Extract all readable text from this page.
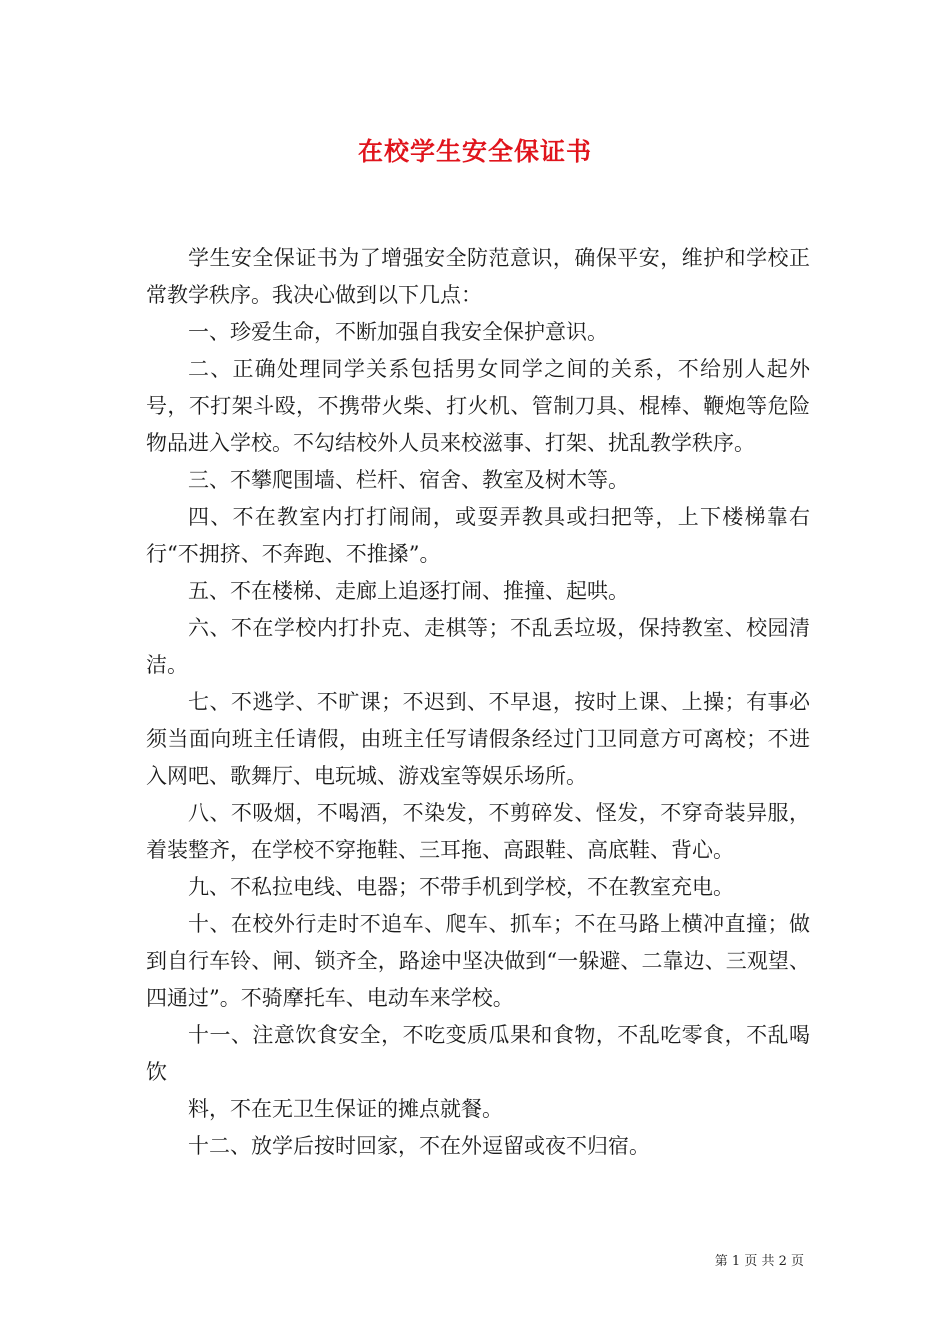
在校学生安全保证书

学生安全保证书为了增强安全防范意识，确保平安，维护和学校正常教学秩序。我决心做到以下几点：

一、珍爱生命，不断加强自我安全保护意识。

二、正确处理同学关系包括男女同学之间的关系，不给别人起外号，不打架斗殴，不携带火柴、打火机、管制刀具、棍棒、鞭炮等危险物品进入学校。不勾结校外人员来校滋事、打架、扰乱教学秩序。

三、不攀爬围墙、栏杆、宿舍、教室及树木等。

四、不在教室内打打闹闹，或耍弄教具或扫把等，上下楼梯靠右行“不拥挤、不奔跑、不推搡”。

五、不在楼梯、走廊上追逐打闹、推撞、起哄。

六、不在学校内打扑克、走棋等；不乱丢垃圾，保持教室、校园清洁。

七、不逃学、不旷课；不迟到、不早退，按时上课、上操；有事必须当面向班主任请假，由班主任写请假条经过门卫同意方可离校；不进入网吧、歌舞厅、电玩城、游戏室等娱乐场所。

八、不吸烟，不喝酒，不染发，不剪碎发、怪发，不穿奇装异服，着装整齐，在学校不穿拖鞋、三耳拖、高跟鞋、高底鞋、背心。

九、不私拉电线、电器；不带手机到学校，不在教室充电。

十、在校外行走时不追车、爬车、抓车；不在马路上横冲直撞；做到自行车铃、闸、锁齐全，路途中坚决做到“一躲避、二靠边、三观望、四通过”。不骑摩托车、电动车来学校。

十一、注意饮食安全，不吃变质瓜果和食物，不乱吃零食，不乱喝饮

料，不在无卫生保证的摊点就餐。

十二、放学后按时回家，不在外逗留或夜不归宿。

第 1 页 共 2 页
